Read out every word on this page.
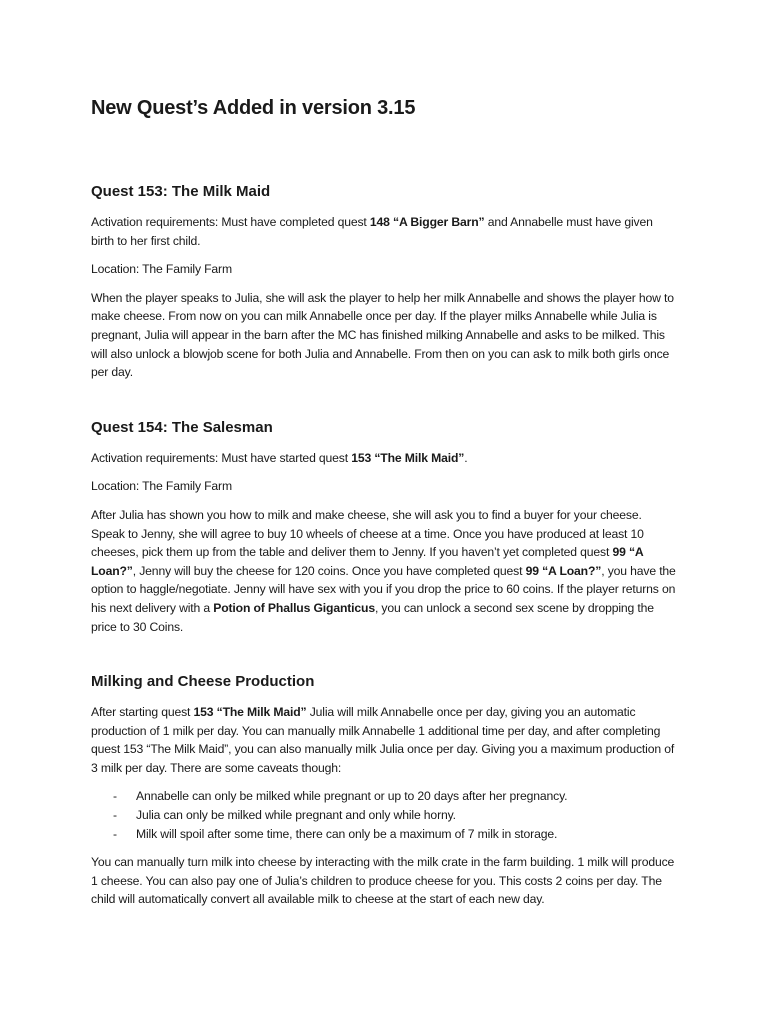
New Quest’s Added in version 3.15
Quest 153: The Milk Maid

Activation requirements: Must have completed quest 148 “A Bigger Barn” and Annabelle must have given birth to her first child.

Location: The Family Farm

When the player speaks to Julia, she will ask the player to help her milk Annabelle and shows the player how to make cheese. From now on you can milk Annabelle once per day. If the player milks Annabelle while Julia is pregnant, Julia will appear in the barn after the MC has finished milking Annabelle and asks to be milked. This will also unlock a blowjob scene for both Julia and Annabelle. From then on you can ask to milk both girls once per day.

Quest 154: The Salesman

Activation requirements: Must have started quest 153 “The Milk Maid”.

Location: The Family Farm

After Julia has shown you how to milk and make cheese, she will ask you to find a buyer for your cheese. Speak to Jenny, she will agree to buy 10 wheels of cheese at a time. Once you have produced at least 10 cheeses, pick them up from the table and deliver them to Jenny. If you haven’t yet completed quest 99 “A Loan?”, Jenny will buy the cheese for 120 coins. Once you have completed quest 99 “A Loan?”, you have the option to haggle/negotiate. Jenny will have sex with you if you drop the price to 60 coins. If the player returns on his next delivery with a Potion of Phallus Giganticus, you can unlock a second sex scene by dropping the price to 30 Coins.

Milking and Cheese Production

After starting quest 153 “The Milk Maid” Julia will milk Annabelle once per day, giving you an automatic production of 1 milk per day. You can manually milk Annabelle 1 additional time per day, and after completing quest 153 “The Milk Maid”, you can also manually milk Julia once per day. Giving you a maximum production of 3 milk per day. There are some caveats though:

- Annabelle can only be milked while pregnant or up to 20 days after her pregnancy.
- Julia can only be milked while pregnant and only while horny.
- Milk will spoil after some time, there can only be a maximum of 7 milk in storage.

You can manually turn milk into cheese by interacting with the milk crate in the farm building. 1 milk will produce 1 cheese. You can also pay one of Julia’s children to produce cheese for you. This costs 2 coins per day. The child will automatically convert all available milk to cheese at the start of each new day.
